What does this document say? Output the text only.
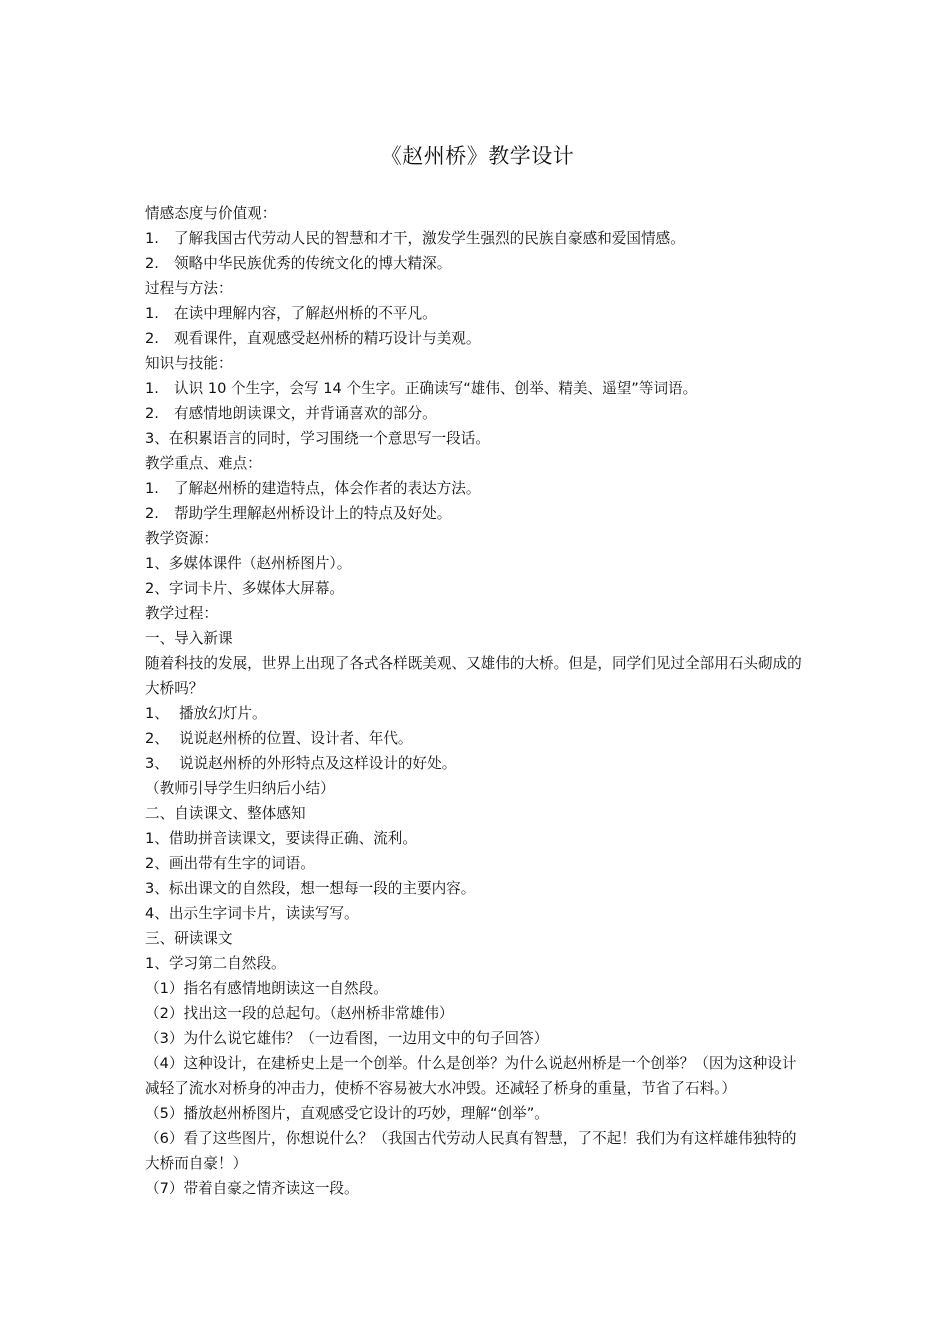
《赵州桥》教学设计
情感态度与价值观：
1. 了解我国古代劳动人民的智慧和才干，激发学生强烈的民族自豪感和爱国情感。
2. 领略中华民族优秀的传统文化的博大精深。
过程与方法：
1. 在读中理解内容，了解赵州桥的不平凡。
2. 观看课件，直观感受赵州桥的精巧设计与美观。
知识与技能：
1. 认识 10 个生字，会写 14 个生字。正确读写“雄伟、创举、精美、遥望”等词语。
2. 有感情地朗读课文，并背诵喜欢的部分。
3、在积累语言的同时，学习围绕一个意思写一段话。
教学重点、难点：
1. 了解赵州桥的建造特点，体会作者的表达方法。
2. 帮助学生理解赵州桥设计上的特点及好处。
教学资源：
1、多媒体课件（赵州桥图片）。
2、字词卡片、多媒体大屏幕。
教学过程：
一、导入新课
随着科技的发展，世界上出现了各式各样既美观、又雄伟的大桥。但是，同学们见过全部用石头砌成的大桥吗？
1、 播放幻灯片。
2、 说说赵州桥的位置、设计者、年代。
3、 说说赵州桥的外形特点及这样设计的好处。
（教师引导学生归纳后小结）
二、自读课文、整体感知
1、借助拼音读课文，要读得正确、流利。
2、画出带有生字的词语。
3、标出课文的自然段，想一想每一段的主要内容。
4、出示生字词卡片，读读写写。
三、研读课文
1、学习第二自然段。
（1）指名有感情地朗读这一自然段。
（2）找出这一段的总起句。（赵州桥非常雄伟）
（3）为什么说它雄伟？（一边看图，一边用文中的句子回答）
（4）这种设计，在建桥史上是一个创举。什么是创举？为什么说赵州桥是一个创举？（因为这种设计减轻了流水对桥身的冲击力，使桥不容易被大水冲毁。还减轻了桥身的重量，节省了石料。）
（5）播放赵州桥图片，直观感受它设计的巧妙，理解“创举”。
（6）看了这些图片，你想说什么？（我国古代劳动人民真有智慧，了不起！我们为有这样雄伟独特的大桥而自豪！）
（7）带着自豪之情齐读这一段。
